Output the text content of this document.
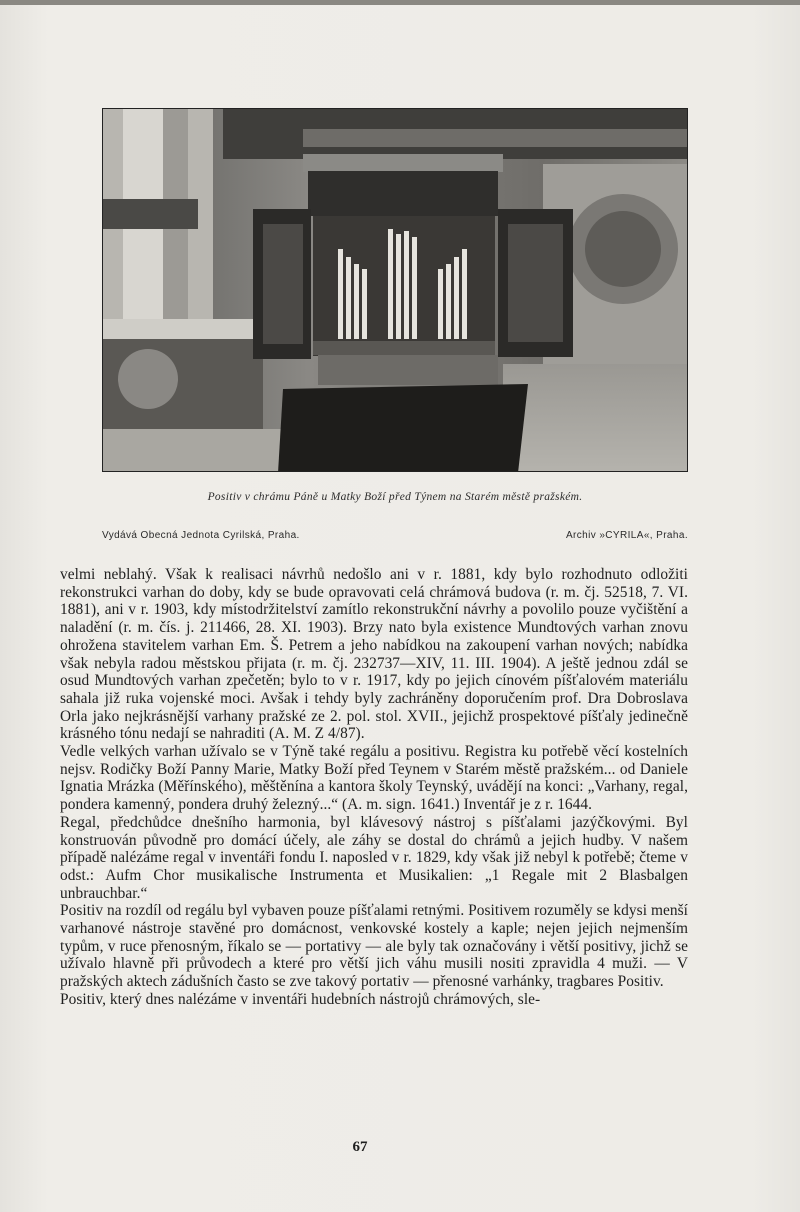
Positiv v chrámu Páně u Matky Boží před Týnem na Starém městě pražském.
Vydává Obecná Jednota Cyrilská, Praha.	Archiv »CYRILA«, Praha.

velmi neblahý. Však k realisaci návrhů nedošlo ani v r. 1881, kdy bylo rozhodnuto odložiti rekonstrukci varhan do doby, kdy se bude opravovati celá chrámová budova (r. m. čj. 52518, 7. VI. 1881), ani v r. 1903, kdy místodržitelství zamítlo rekonstrukční návrhy a povolilo pouze vyčištění a naladění (r. m. čís. j. 211466, 28. XI. 1903). Brzy nato byla existence Mundtových varhan znovu ohrožena stavitelem varhan Em. Š. Petrem a jeho nabídkou na zakoupení varhan nových; nabídka však nebyla radou městskou přijata (r. m. čj. 232737—XIV, 11. III. 1904). A ještě jednou zdál se osud Mundtových varhan zpečetěn; bylo to v r. 1917, kdy po jejich cínovém píšťalovém materiálu sahala již ruka vojenské moci. Avšak i tehdy byly zachráněny doporučením prof. Dra Dobroslava Orla jako nejkrásnější varhany pražské ze 2. pol. stol. XVII., jejichž prospektové píšťaly jedinečně krásného tónu nedají se nahraditi (A. M. Z 4/87).

Vedle velkých varhan užívalo se v Týně také regálu a positivu. Registra ku potřebě věcí kostelních nejsv. Rodičky Boží Panny Marie, Matky Boží před Teynem v Starém městě pražském... od Daniele Ignatia Mrázka (Měřínského), měštěnína a kantora školy Teynský, uvádějí na konci: „Varhany, regal, pondera kamenný, pondera druhý železný...“ (A. m. sign. 1641.) Inventář je z r. 1644.

Regal, předchůdce dnešního harmonia, byl klávesový nástroj s píšťalami jazýčkovými. Byl konstruován původně pro domácí účely, ale záhy se dostal do chrámů a jejich hudby. V našem případě nalézáme regal v inventáři fondu I. naposled v r. 1829, kdy však již nebyl k potřebě; čteme v odst.: Aufm Chor musikalische Instrumenta et Musikalien: „1 Regale mit 2 Blasbalgen unbrauchbar.“

Positiv na rozdíl od regálu byl vybaven pouze píšťalami retnými. Positivem rozuměly se kdysi menší varhanové nástroje stavěné pro domácnost, venkovské kostely a kaple; nejen jejich nejmenším typům, v ruce přenosným, říkalo se — portativy — ale byly tak označovány i větší positivy, jichž se užívalo hlavně při průvodech a které pro větší jich váhu musili nositi zpravidla 4 muži. — V pražských aktech zádušních často se zve takový portativ — přenosné varhánky, tragbares Positiv.

Positiv, který dnes nalézáme v inventáři hudebních nástrojů chrámových, sle-

67
